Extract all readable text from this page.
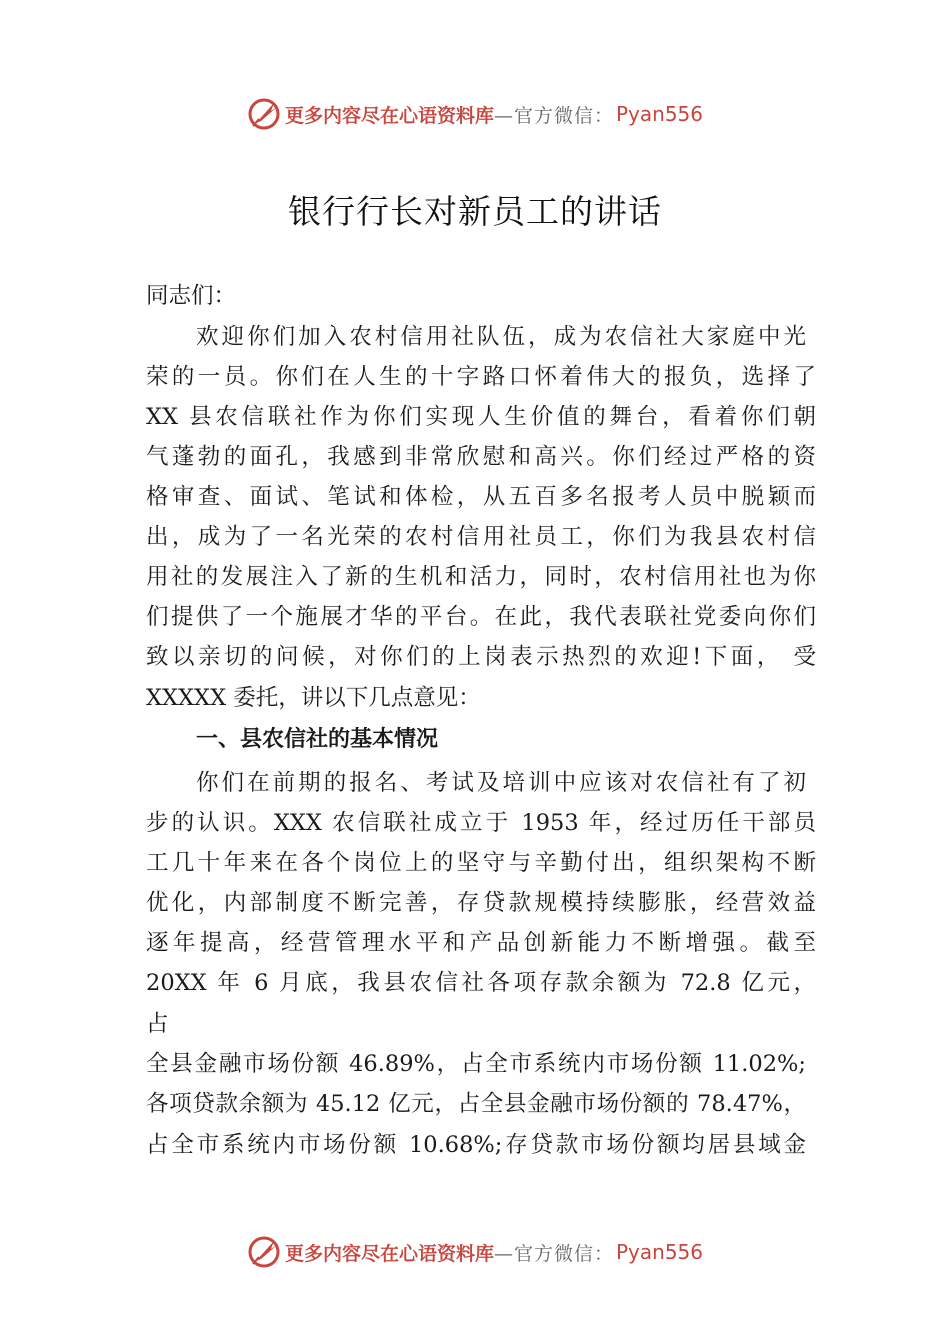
更多内容尽在心语资料库 —官方微信： Pyan556
银行行长对新员工的讲话
同志们：
欢迎你们加入农村信用社队伍，成为农信社大家庭中光
荣的一员。你们在人生的十字路口怀着伟大的报负，选择了
XX 县农信联社作为你们实现人生价值的舞台，看着你们朝
气蓬勃的面孔，我感到非常欣慰和高兴。你们经过严格的资
格审查、面试、笔试和体检，从五百多名报考人员中脱颖而
出，成为了一名光荣的农村信用社员工，你们为我县农村信
用社的发展注入了新的生机和活力，同时，农村信用社也为你
们提供了一个施展才华的平台。在此，我代表联社党委向你们
致以亲切的问候，对你们的上岗表示热烈的欢迎!下面， 受
XXXXX 委托，讲以下几点意见：
一、县农信社的基本情况
你们在前期的报名、考试及培训中应该对农信社有了初
步的认识。XXX 农信联社成立于 1953 年，经过历任干部员
工几十年来在各个岗位上的坚守与辛勤付出，组织架构不断
优化，内部制度不断完善，存贷款规模持续膨胀，经营效益
逐年提高，经营管理水平和产品创新能力不断增强。截至
20XX 年 6 月底，我县农信社各项存款余额为 72.8 亿元，
占
全县金融市场份额 46.89%，占全市系统内市场份额 11.02%;
各项贷款余额为 45.12 亿元，占全县金融市场份额的 78.47%，
占全市系统内市场份额 10.68%;存贷款市场份额均居县域金
更多内容尽在心语资料库 —官方微信： Pyan556
